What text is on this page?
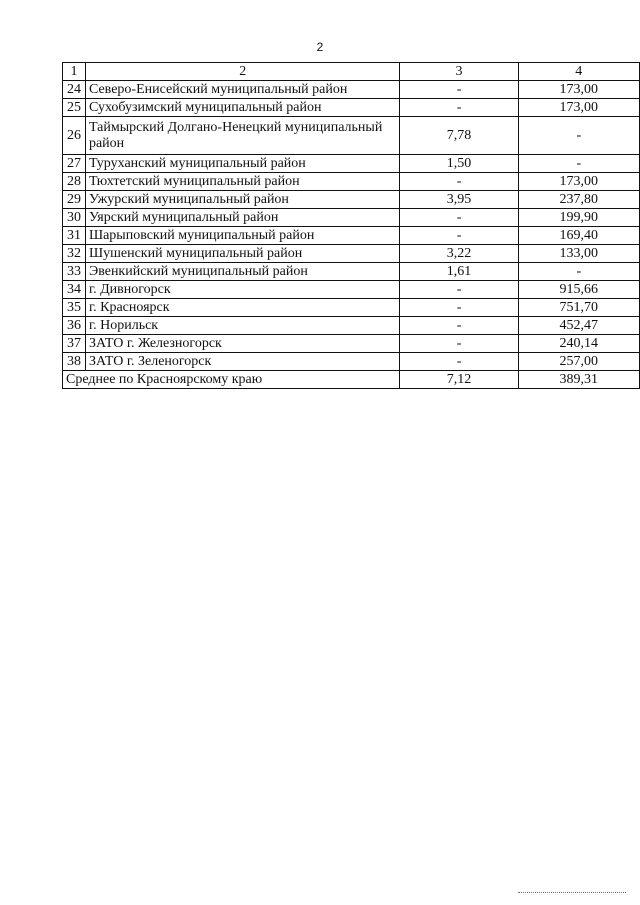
2
1	2	3	4
24	Северо-Енисейский муниципальный район	-	173,00
25	Сухобузимский муниципальный район	-	173,00
26	Таймырский Долгано-Ненецкий муниципальный район	7,78	-
27	Туруханский муниципальный район	1,50	-
28	Тюхтетский муниципальный район	-	173,00
29	Ужурский муниципальный район	3,95	237,80
30	Уярский муниципальный район	-	199,90
31	Шарыповский муниципальный район	-	169,40
32	Шушенский муниципальный район	3,22	133,00
33	Эвенкийский муниципальный район	1,61	-
34	г. Дивногорск	-	915,66
35	г. Красноярск	-	751,70
36	г. Норильск	-	452,47
37	ЗАТО г. Железногорск	-	240,14
38	ЗАТО г. Зеленогорск	-	257,00
Среднее по Красноярскому краю		7,12	389,31
